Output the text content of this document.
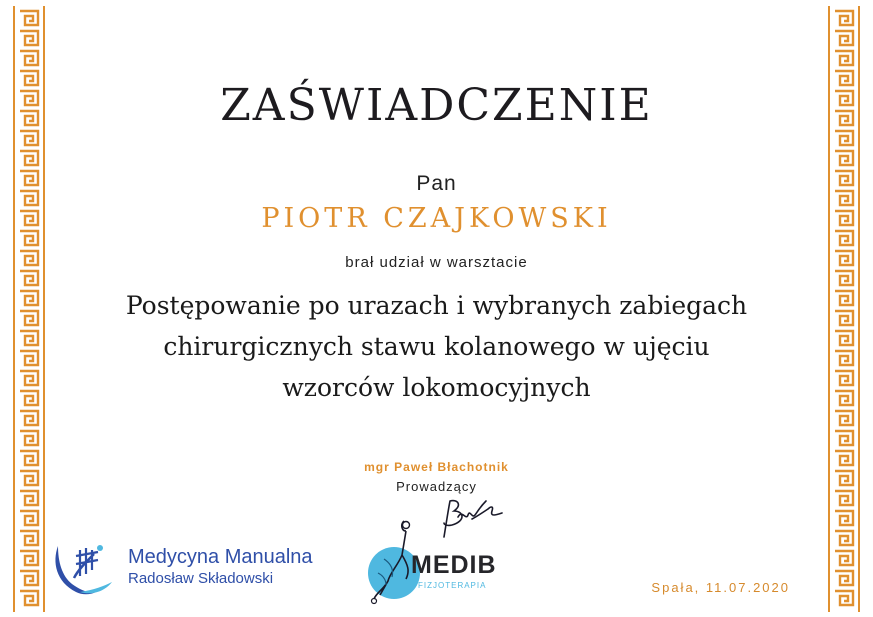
ZAŚWIADCZENIE
Pan
PIOTR CZAJKOWSKI
brał udział w warsztacie
Postępowanie po urazach i wybranych zabiegach
chirurgicznych stawu kolanowego w ujęciu
wzorców lokomocyjnych
mgr Paweł Błachotnik
Prowadzący
Medycyna Manualna
Radosław Składowski	MEDIB
FIZJOTERAPIA	Spała, 11.07.2020
